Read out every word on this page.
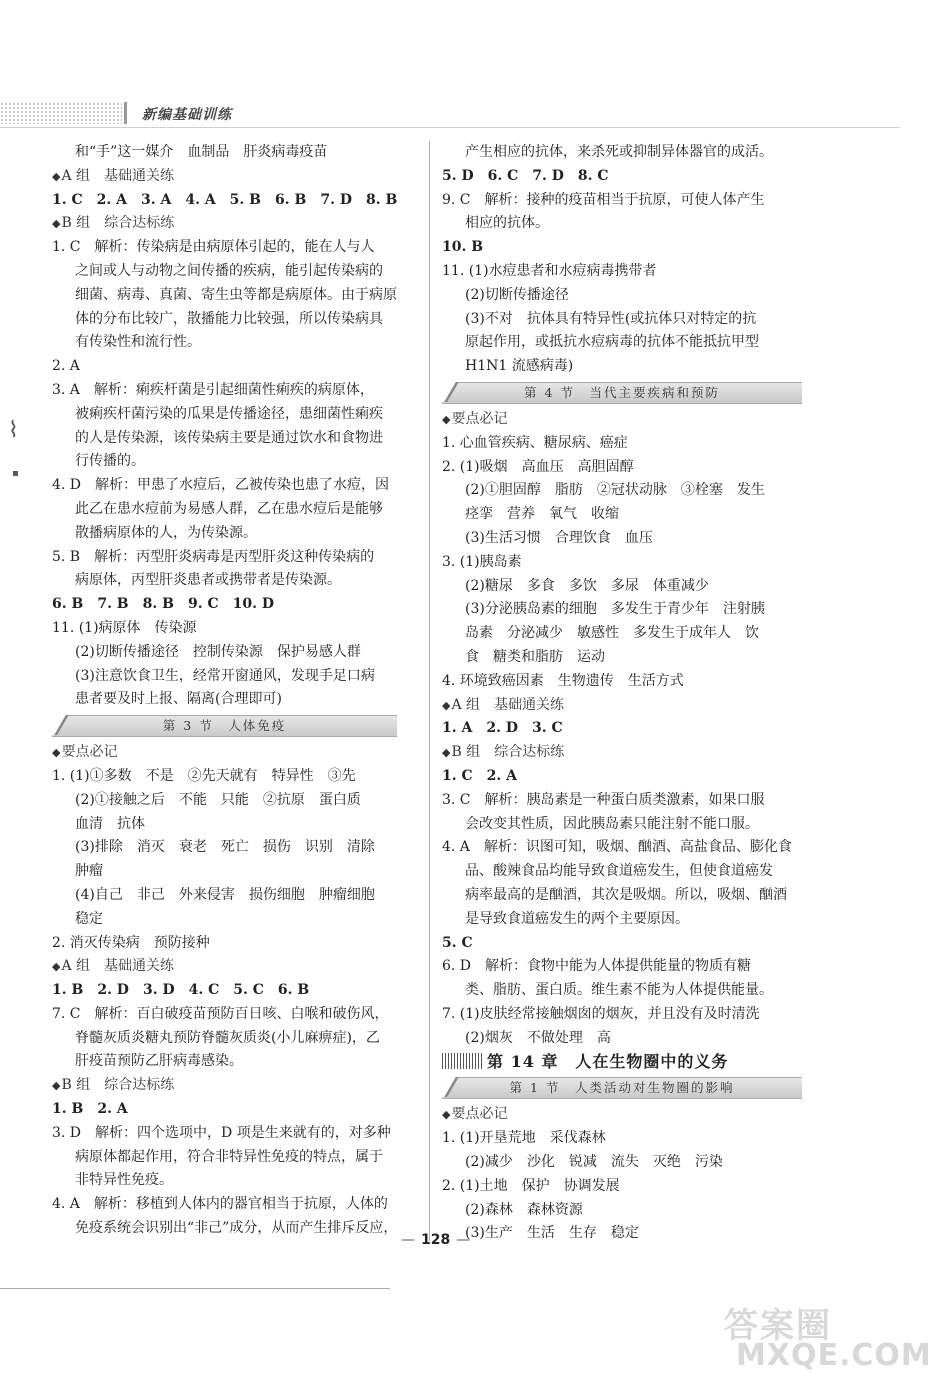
新编基础训练
⌇
▪
和“手”这一媒介　血制品　肝炎病毒疫苗
◆A 组　基础通关练
1. C　2. A　3. A　4. A　5. B　6. B　7. D　8. B
◆B 组　综合达标练
1. C　解析：传染病是由病原体引起的，能在人与人
之间或人与动物之间传播的疾病，能引起传染病的
细菌、病毒、真菌、寄生虫等都是病原体。由于病原
体的分布比较广，散播能力比较强，所以传染病具
有传染性和流行性。
2. A
3. A　解析：痢疾杆菌是引起细菌性痢疾的病原体，
被痢疾杆菌污染的瓜果是传播途径，患细菌性痢疾
的人是传染源，该传染病主要是通过饮水和食物进
行传播的。
4. D　解析：甲患了水痘后，乙被传染也患了水痘，因
此乙在患水痘前为易感人群，乙在患水痘后是能够
散播病原体的人，为传染源。
5. B　解析：丙型肝炎病毒是丙型肝炎这种传染病的
病原体，丙型肝炎患者或携带者是传染源。
6. B　7. B　8. B　9. C　10. D
11. (1)病原体　传染源
(2)切断传播途径　控制传染源　保护易感人群
(3)注意饮食卫生，经常开窗通风，发现手足口病
患者要及时上报、隔离(合理即可)
第 3 节　人体免疫
◆要点必记
1. (1)①多数　不是　②先天就有　特异性　③先
(2)①接触之后　不能　只能　②抗原　蛋白质
血清　抗体
(3)排除　消灭　衰老　死亡　损伤　识别　清除
肿瘤
(4)自己　非己　外来侵害　损伤细胞　肿瘤细胞
稳定
2. 消灭传染病　预防接种
◆A 组　基础通关练
1. B　2. D　3. D　4. C　5. C　6. B
7. C　解析：百白破疫苗预防百日咳、白喉和破伤风，
脊髓灰质炎糖丸预防脊髓灰质炎(小儿麻痹症)，乙
肝疫苗预防乙肝病毒感染。
◆B 组　综合达标练
1. B　2. A
3. D　解析：四个选项中，D 项是生来就有的，对多种
病原体都起作用，符合非特异性免疫的特点，属于
非特异性免疫。
4. A　解析：移植到人体内的器官相当于抗原，人体的
免疫系统会识别出“非己”成分，从而产生排斥反应，
产生相应的抗体，来杀死或抑制异体器官的成活。
5. D　6. C　7. D　8. C
9. C　解析：接种的疫苗相当于抗原，可使人体产生
相应的抗体。
10. B
11. (1)水痘患者和水痘病毒携带者
(2)切断传播途径
(3)不对　抗体具有特异性(或抗体只对特定的抗
原起作用，或抵抗水痘病毒的抗体不能抵抗甲型
H1N1 流感病毒)
第 4 节　当代主要疾病和预防
◆要点必记
1. 心血管疾病、糖尿病、癌症
2. (1)吸烟　高血压　高胆固醇
(2)①胆固醇　脂肪　②冠状动脉　③栓塞　发生
痉挛　营养　氧气　收缩
(3)生活习惯　合理饮食　血压
3. (1)胰岛素
(2)糖尿　多食　多饮　多尿　体重减少
(3)分泌胰岛素的细胞　多发生于青少年　注射胰
岛素　分泌减少　敏感性　多发生于成年人　饮
食　糖类和脂肪　运动
4. 环境致癌因素　生物遗传　生活方式
◆A 组　基础通关练
1. A　2. D　3. C
◆B 组　综合达标练
1. C　2. A
3. C　解析：胰岛素是一种蛋白质类激素，如果口服
会改变其性质，因此胰岛素只能注射不能口服。
4. A　解析：识图可知，吸烟、酗酒、高盐食品、膨化食
品、酸辣食品均能导致食道癌发生，但使食道癌发
病率最高的是酗酒，其次是吸烟。所以，吸烟、酗酒
是导致食道癌发生的两个主要原因。
5. C
6. D　解析：食物中能为人体提供能量的物质有糖
类、脂肪、蛋白质。维生素不能为人体提供能量。
7. (1)皮肤经常接触烟囱的烟灰，并且没有及时清洗
(2)烟灰　不做处理　高
第 14 章　人在生物圈中的义务
第 1 节　人类活动对生物圈的影响
◆要点必记
1. (1)开垦荒地　采伐森林
(2)减少　沙化　锐减　流失　灭绝　污染
2. (1)土地　保护　协调发展
(2)森林　森林资源
(3)生产　生活　生存　稳定
— 128 —
答案圈
MXQE.COM
